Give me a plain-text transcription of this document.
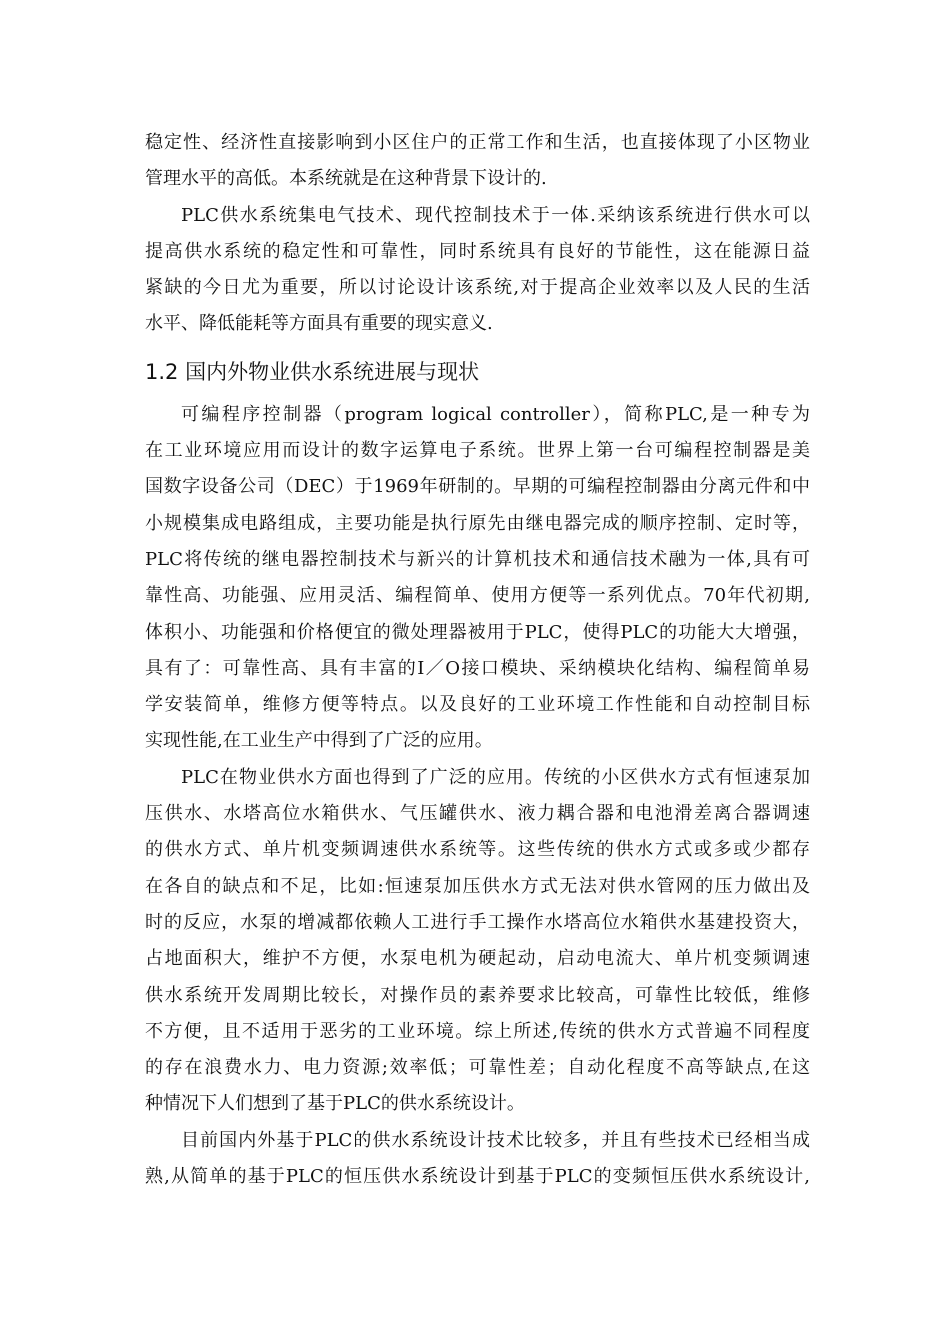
稳定性、经济性直接影响到小区住户的正常工作和生活，也直接体现了小区物业
管理水平的高低。本系统就是在这种背景下设计的.
PLC供水系统集电气技术、现代控制技术于一体.采纳该系统进行供水可以
提高供水系统的稳定性和可靠性，同时系统具有良好的节能性，这在能源日益
紧缺的今日尤为重要，所以讨论设计该系统,对于提高企业效率以及人民的生活
水平、降低能耗等方面具有重要的现实意义.
1.2 国内外物业供水系统进展与现状
可编程序控制器（program logical controller），简称PLC,是一种专为
在工业环境应用而设计的数字运算电子系统。世界上第一台可编程控制器是美
国数字设备公司（DEC）于1969年研制的。早期的可编程控制器由分离元件和中
小规模集成电路组成，主要功能是执行原先由继电器完成的顺序控制、定时等，
PLC将传统的继电器控制技术与新兴的计算机技术和通信技术融为一体,具有可
靠性高、功能强、应用灵活、编程简单、使用方便等一系列优点。70年代初期,
体积小、功能强和价格便宜的微处理器被用于PLC，使得PLC的功能大大增强，
具有了：可靠性高、具有丰富的I／O接口模块、采纳模块化结构、编程简单易
学安装简单，维修方便等特点。以及良好的工业环境工作性能和自动控制目标
实现性能,在工业生产中得到了广泛的应用。
PLC在物业供水方面也得到了广泛的应用。传统的小区供水方式有恒速泵加
压供水、水塔高位水箱供水、气压罐供水、液力耦合器和电池滑差离合器调速
的供水方式、单片机变频调速供水系统等。这些传统的供水方式或多或少都存
在各自的缺点和不足，比如:恒速泵加压供水方式无法对供水管网的压力做出及
时的反应，水泵的增减都依赖人工进行手工操作水塔高位水箱供水基建投资大，
占地面积大，维护不方便，水泵电机为硬起动，启动电流大、单片机变频调速
供水系统开发周期比较长，对操作员的素养要求比较高，可靠性比较低，维修
不方便，且不适用于恶劣的工业环境。综上所述,传统的供水方式普遍不同程度
的存在浪费水力、电力资源;效率低；可靠性差；自动化程度不高等缺点,在这
种情况下人们想到了基于PLC的供水系统设计。
目前国内外基于PLC的供水系统设计技术比较多，并且有些技术已经相当成
熟,从简单的基于PLC的恒压供水系统设计到基于PLC的变频恒压供水系统设计,
